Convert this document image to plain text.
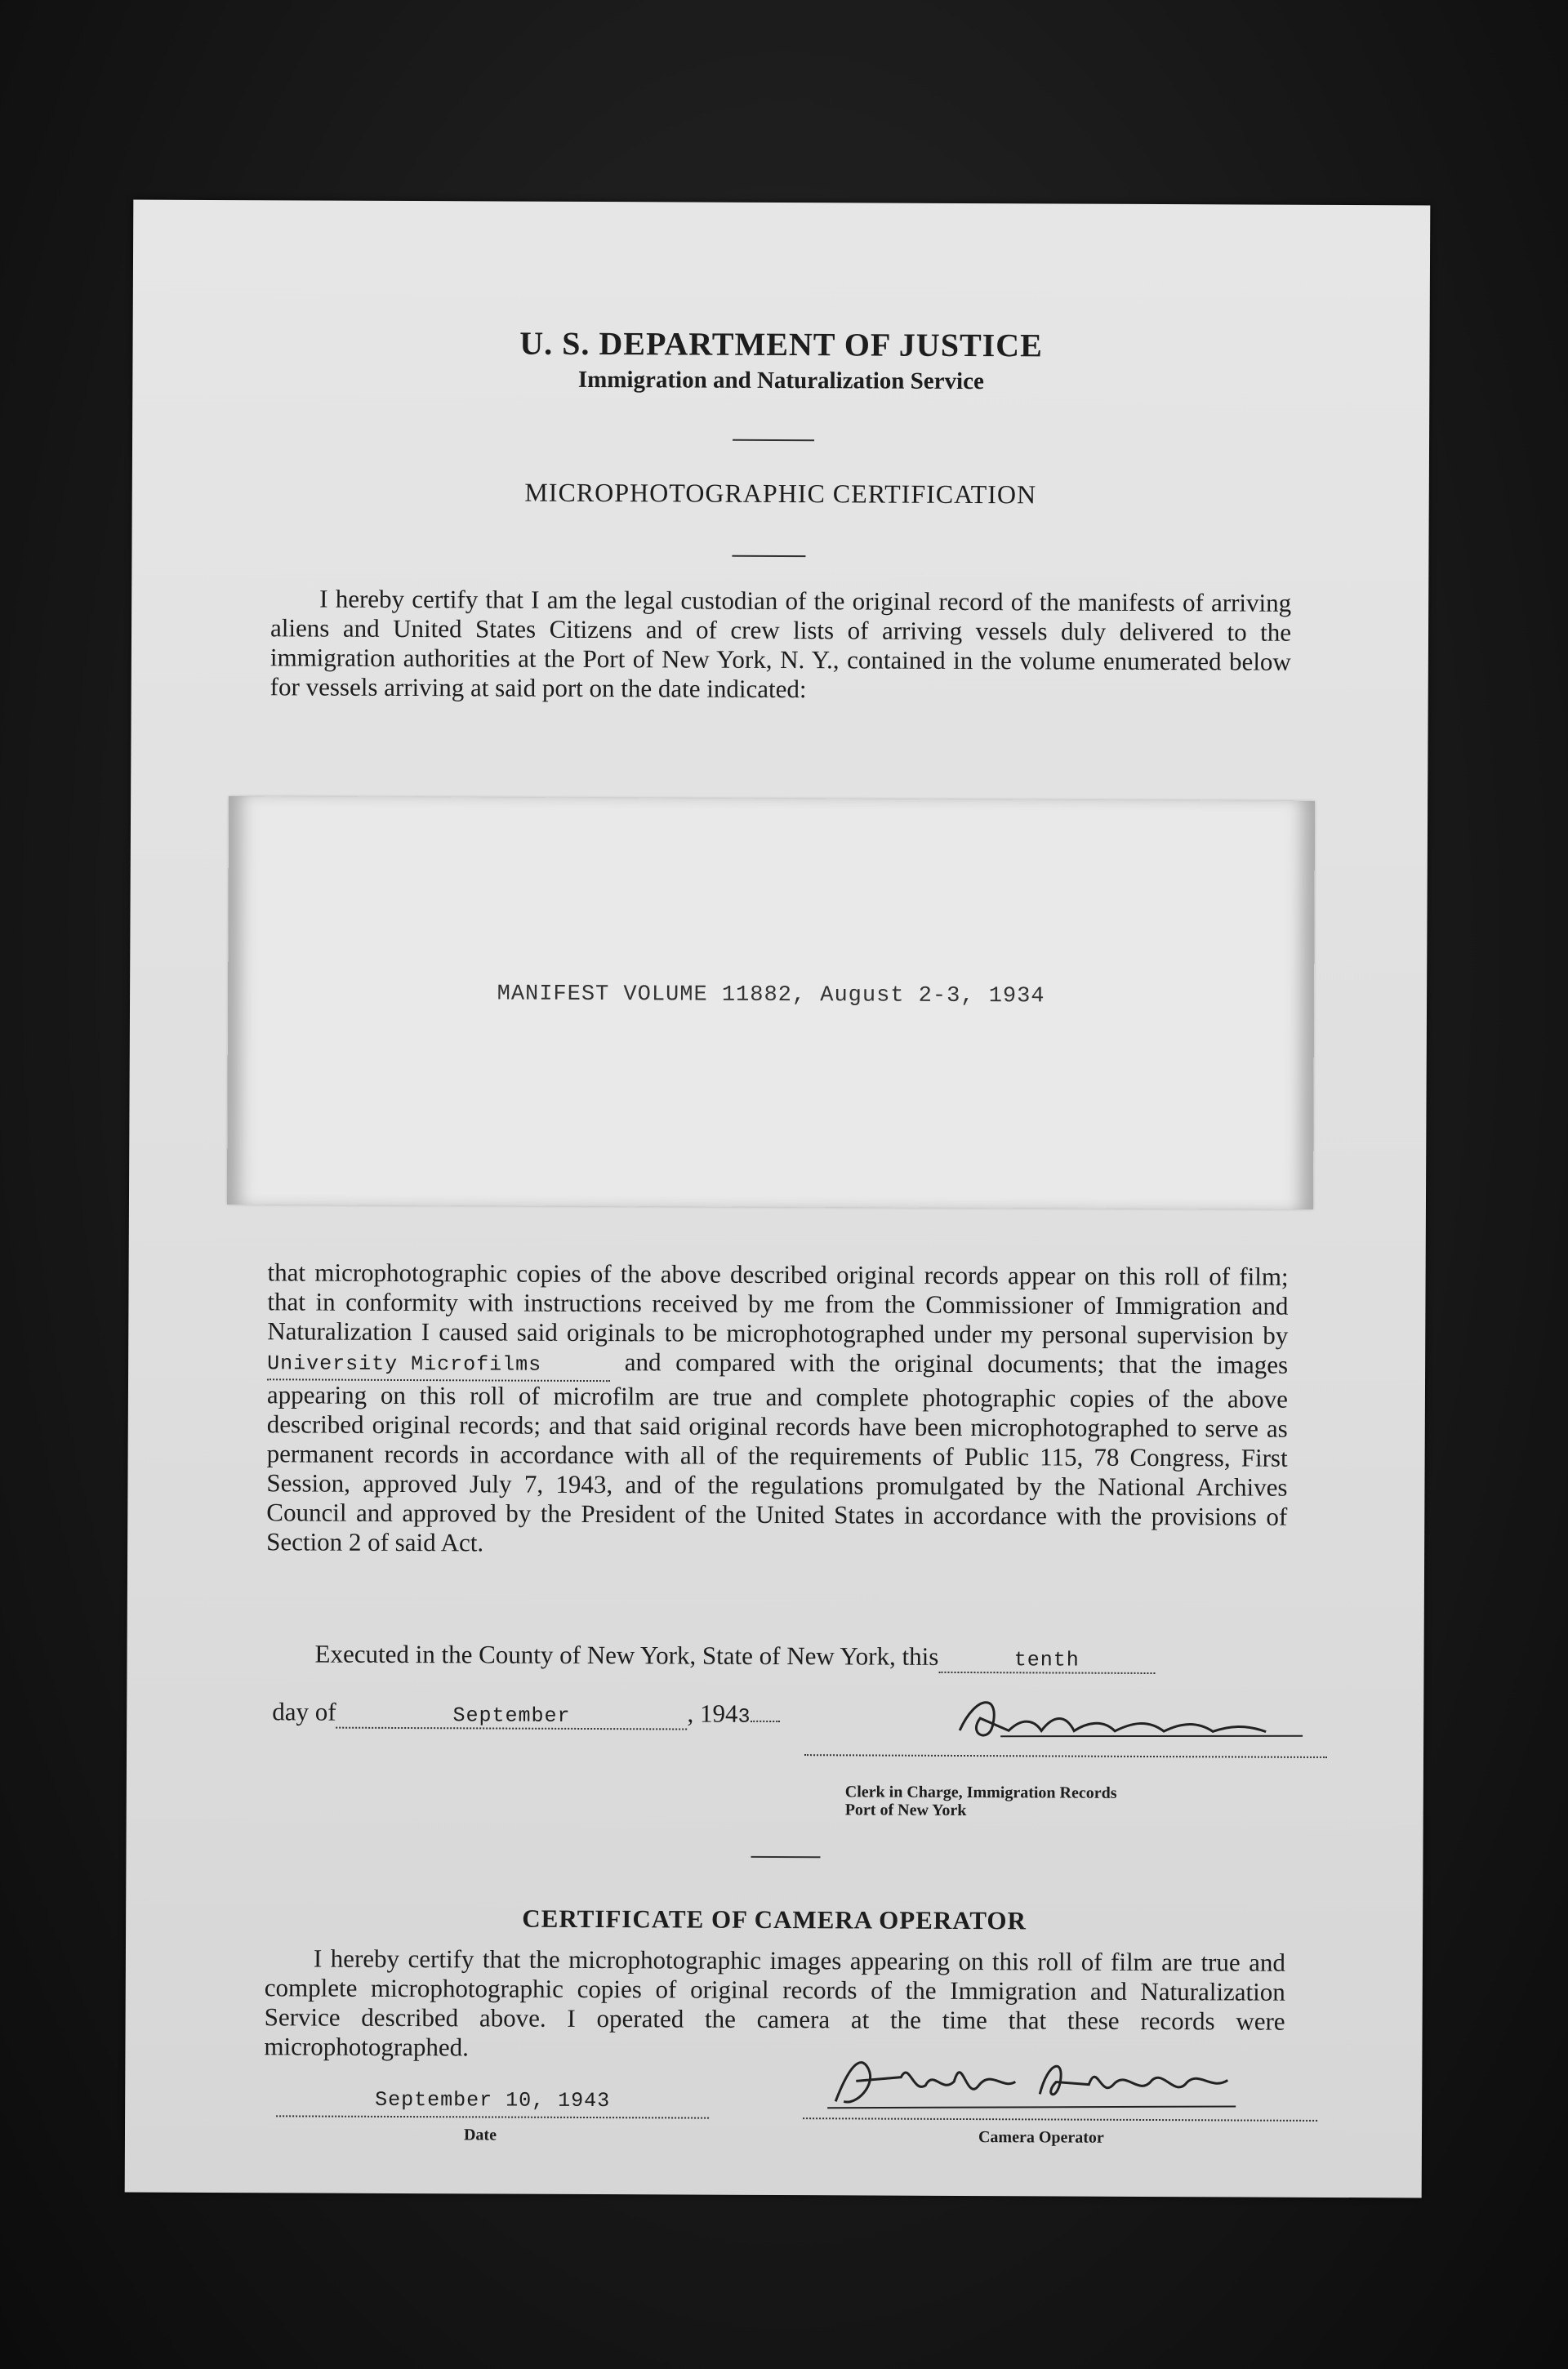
U. S. DEPARTMENT OF JUSTICE
Immigration and Naturalization Service
MICROPHOTOGRAPHIC CERTIFICATION
I hereby certify that I am the legal custodian of the original record of the manifests of arriving aliens and United States Citizens and of crew lists of arriving vessels duly delivered to the immigration authorities at the Port of New York, N. Y., contained in the volume enumerated below for vessels arriving at said port on the date indicated:
MANIFEST VOLUME 11882, August 2-3, 1934
that microphotographic copies of the above described original records appear on this roll of film; that in conformity with instructions received by me from the Commissioner of Immigration and Naturalization I caused said originals to be microphotographed under my personal supervision byUniversity Microfilms	and compared with the original documents; that the images appearing on this roll of microfilm are true and complete photographic copies of the above described original records; and that said original records have been microphotographed to serve as permanent records in accordance with all of the requirements of Public 115, 78 Congress, First Session, approved July 7, 1943, and of the regulations promulgated by the National Archives Council and approved by the President of the United States in accordance with the provisions of Section 2 of said Act.
Executed in the County of New York, State of New York, this	tenth
day of	September	, 1943
Clerk in Charge, Immigration Records
Port of New York
CERTIFICATE OF CAMERA OPERATOR
I hereby certify that the microphotographic images appearing on this roll of film are true and complete microphotographic copies of original records of the Immigration and Naturalization Service described above. I operated the camera at the time that these records were microphotographed.
September 10, 1943
Date	Camera Operator
